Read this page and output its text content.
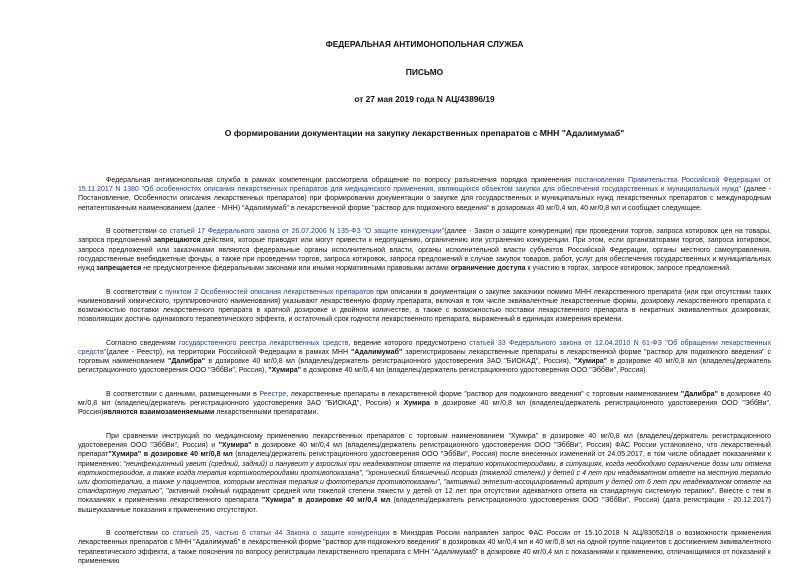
ФЕДЕРАЛЬНАЯ АНТИМОНОПОЛЬНАЯ СЛУЖБА
ПИСЬМО
от 27 мая 2019 года N АЦ/43896/19
О формировании документации на закупку лекарственных препаратов с МНН "Адалимумаб"

Федеральная антимонопольная служба в рамках компетенции рассмотрела обращение по вопросу разъяснения порядка применения постановления Правительства Российской Федерации от 15.11.2017 N 1380 "Об особенностях описания лекарственных препаратов для медицинского применения, являющихся объектом закупки для обеспечения государственных и муниципальных нужд" (далее - Постановление, Особенности описания лекарственных препаратов) при формировании документации о закупке для государственных и муниципальных нужд лекарственных препаратов с международным непатентованным наименованием (далее - МНН) "Адалимумаб" в лекарственной форме "раствор для подкожного введения" в дозировках 40 мг/0,4 мл, 40 мг/0,8 мл и сообщает следующее.

В соответствии со статьей 17 Федерального закона от 26.07.2006 N 135-ФЗ "О защите конкуренции"(далее - Закон о защите конкуренции) при проведении торгов, запроса котировок цен на товары, запроса предложений запрещаются действия, которые приводят или могут привести к недопущению, ограничению или устранению конкуренции. При этом, если организаторами торгов, запроса котировок, запроса предложений или заказчиками являются федеральные органы исполнительной власти, органы исполнительной власти субъектов Российской Федерации, органы местного самоуправления, государственные внебюджетные фонды, а также при проведении торгов, запроса котировок, запроса предложений в случае закупок товаров, работ, услуг для обеспечения государственных и муниципальных нужд запрещается не предусмотренное федеральными законами или иными нормативными правовыми актами ограничение доступа к участию в торгах, запросе котировок, запросе предложений.

В соответствии с пунктом 2 Особенностей описания лекарственных препаратов при описании в документации о закупке заказчики помимо МНН лекарственного препарата (или при отсутствии таких наименований химического, группировочного наименования) указывают лекарственную форму препарата, включая в том числе эквивалентные лекарственные формы, дозировку лекарственного препарата с возможностью поставки лекарственного препарата в кратной дозировке и двойном количестве, а также с возможностью поставки лекарственного препарата в некратных эквивалентных дозировках, позволяющих достичь одинакового терапевтического эффекта, и остаточный срок годности лекарственного препарата, выраженный в единицах измерения времени.

Согласно сведениям государственного реестра лекарственных средств, ведение которого предусмотрено статьей 33 Федерального закона от 12.04.2010 N 61-ФЗ "Об обращении лекарственных средств"(далее - Реестр), на территории Российской Федерации в рамках МНН "Адалимумаб" зарегистрированы лекарственные препараты в лекарственной форме "раствор для подкожного введения" с торговым наименованием "Далибра" в дозировке 40 мг/0,8 мл (владелец/держатель регистрационного удостоверения ЗАО "БИОКАД", Россия), "Хумира" в дозировке 40 мг/0,8 мл (владелец/держатель регистрационного удостоверения ООО "ЭббВи", Россия), "Хумира" в дозировке 40 мг/0,4 мл (владелец/держатель регистрационного удостоверения ООО "ЭббВи", Россия).

В соответствии с данными, размещенными в Реестре, лекарственные препараты в лекарственной форме "раствор для подкожного введения" с торговым наименованием "Далибра" в дозировке 40 мг/0,8 мл (владелец/держатель регистрационного удостоверения ЗАО "БИОКАД", Россия) и Хумира в дозировке 40 мг/0,8 мл (владелец/держатель регистрационного удостоверения ООО "ЭббВи", Россия)являются взаимозаменяемыми лекарственными препаратами.

При сравнении инструкций по медицинскому применению лекарственных препаратов с торговым наименованием "Хумира" в дозировке 40 мг/0,8 мл (владелец/держатель регистрационного удостоверения ООО "ЭббВи", Россия) и "Хумира" в дозировке 40 мг/0,4 мл (владелец/держатель регистрационного удостоверения ООО "ЭббВи", Россия) ФАС России установлено, что лекарственный препарат"Хумира" в дозировке 40 мг/0,8 мл (владелец/держатель регистрационного удостоверения ООО "ЭббВи", Россия) после внесенных изменений от 24.05.2017, в том числе обладает показаниями к применению: "неинфекционный увеит (средний, задний) и панувеит у взрослых при неадекватном ответе на терапию кортикостероидами, в ситуациях, когда необходимо ограничение дозы или отмена кортикостероидов, а также когда терапия кортикостероидами противопоказана", "хронический бляшечный псориаз (тяжелой степени) у детей с 4 лет при неадекватном ответе на местную терапию или фототерапию, а также у пациентов, которым местная терапия и фототерапия противопоказаны", "активный энтезит-ассоциированный артрит у детей от 6 лет при неадекватном ответе на стандартную терапию", "активный гнойный гидраденит средней или тяжелой степени тяжести у детей от 12 лет при отсутствии адекватного ответа на стандартную системную терапию". Вместе с тем в показаниях к применению лекарственного препарата "Хумира" в дозировке 40 мг/0,4 мл (владелец/держатель регистрационного удостоверения ООО "ЭббВи", Россия) (дата регистрации - 20.12.2017) вышеуказанные показания к применению отсутствуют.

В соответствии со статьей 25, частью 6 статьи 44 Закона о защите конкуренции в Минздрав России направлен запрос ФАС России от 15.10.2018 N АЦ/83052/18 о возможности применения лекарственных препаратов с МНН "Адалимумаб" в лекарственной форме "раствор для подкожного введения" в дозировках 40 мг/0,4 мл и 40 мг/0,8 мл на одной группе пациентов с достижением эквивалентного терапевтического эффекта, а также пояснения по вопросу регистрации лекарственного препарата с МНН "Адалимумаб" в дозировке 40 мг/0,4 мл с показаниями к применению, отличающимися от показаний к применению
